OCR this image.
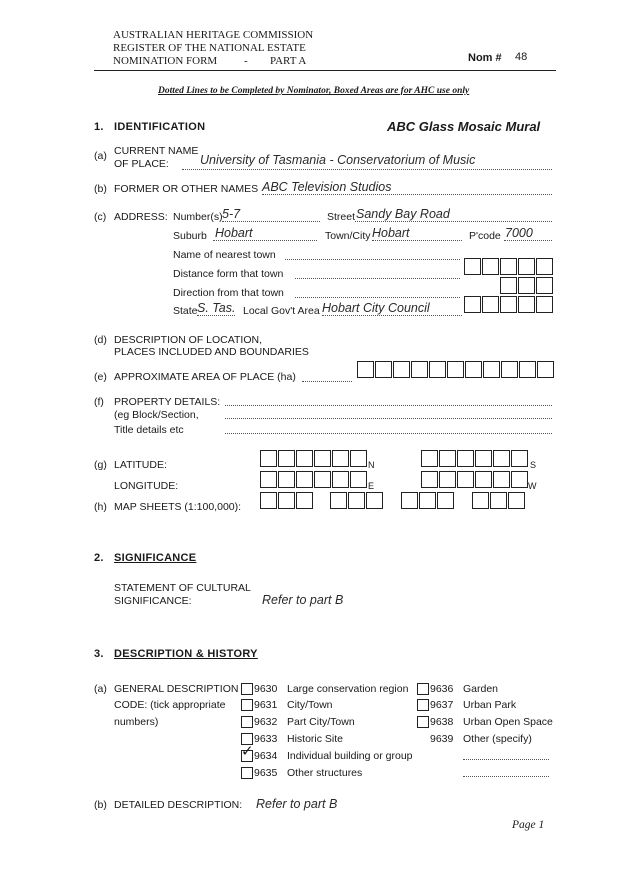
AUSTRALIAN HERITAGE COMMISSION
REGISTER OF THE NATIONAL ESTATE
NOMINATION FORM - PART A	Nom # 48
Dotted Lines to be Completed by Nominator, Boxed Areas are for AHC use only
1. IDENTIFICATION	ABC Glass Mosaic Mural
(a) CURRENT NAME
OF PLACE: University of Tasmania - Conservatorium of Music
(b) FORMER OR OTHER NAMES ABC Television Studios
(c) ADDRESS: Number(s) 5-7	Street Sandy Bay Road
Suburb Hobart	Town/City Hobart	P'code 7000
Name of nearest town
Distance form that town
Direction from that town
State S. Tas. Local Gov't Area Hobart City Council
(d) DESCRIPTION OF LOCATION,
PLACES INCLUDED AND BOUNDARIES
(e) APPROXIMATE AREA OF PLACE (ha)
(f) PROPERTY DETAILS:
(eg Block/Section,
Title details etc
(g) LATITUDE:
LONGITUDE:
N	S
E	W
(h) MAP SHEETS (1:100,000):
2. SIGNIFICANCE
STATEMENT OF CULTURAL
SIGNIFICANCE:	Refer to part B
3. DESCRIPTION & HISTORY
(a) GENERAL DESCRIPTION
CODE: (tick appropriate
numbers)
9630 Large conservation region
9631 City/Town
9632 Part City/Town
9633 Historic Site
✓ 9634 Individual building or group
9635 Other structures
9636 Garden
9637 Urban Park
9638 Urban Open Space
9639 Other (specify)
(b) DETAILED DESCRIPTION: Refer to part B
Page 1
